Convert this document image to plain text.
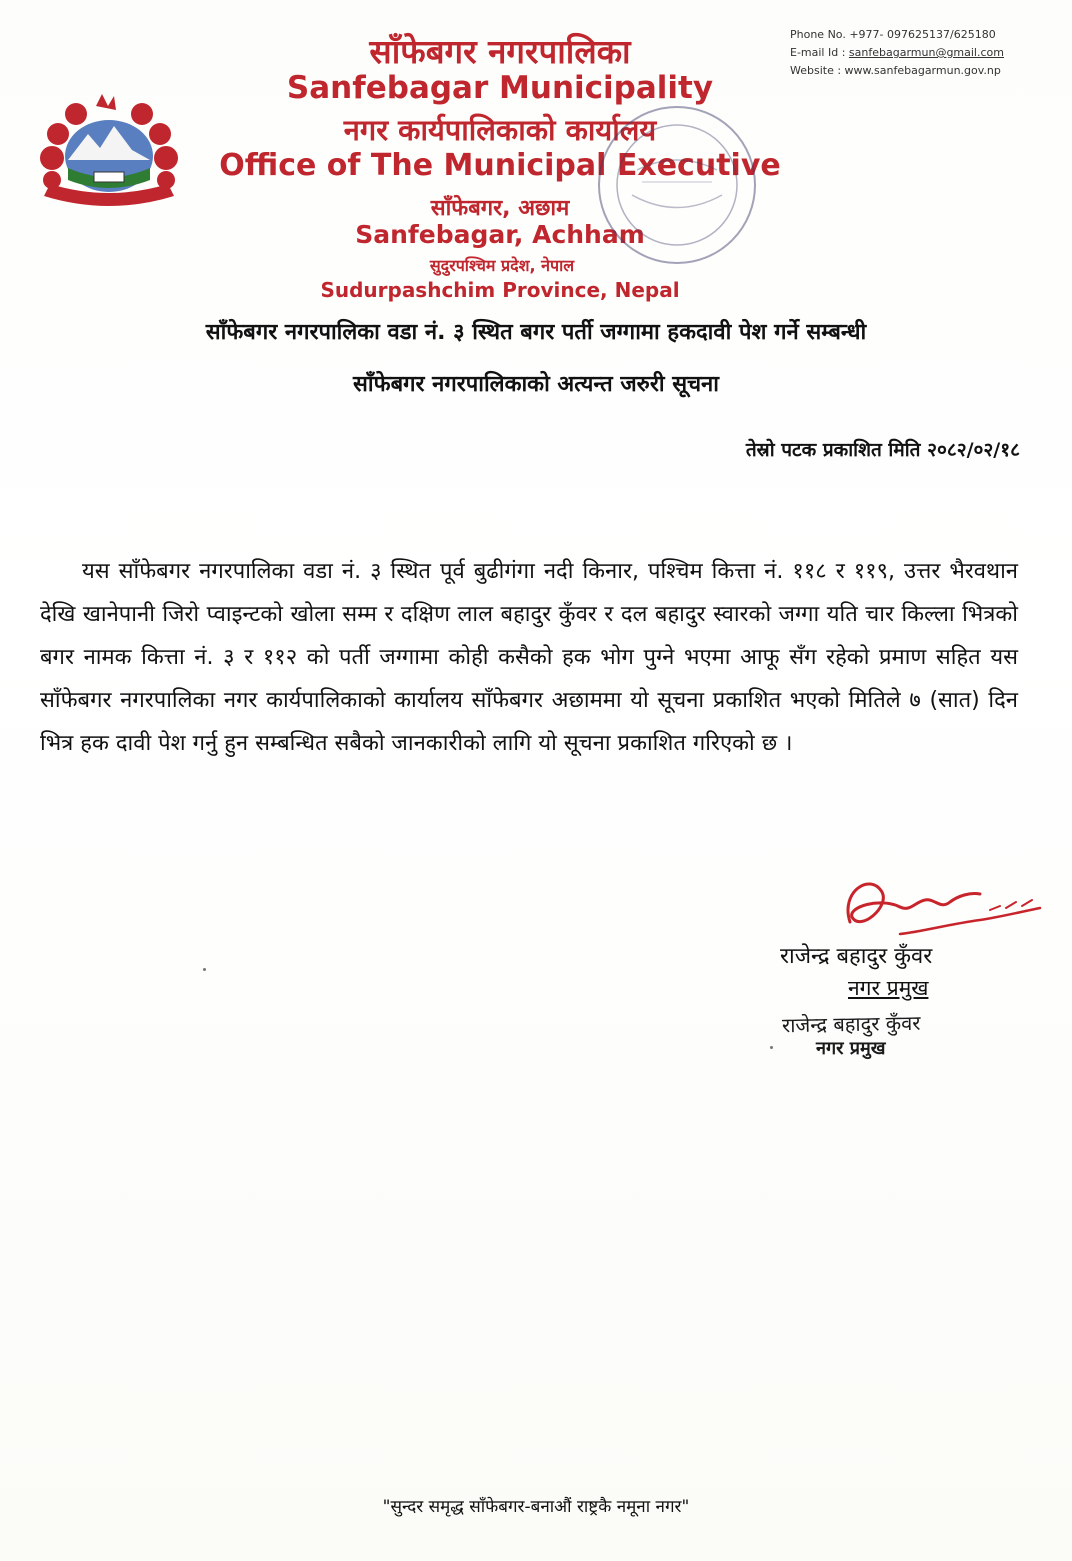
साँफेबगर नगरपालिका
Sanfebagar Municipality
नगर कार्यपालिकाको कार्यालय
Office of The Municipal Executive
साँफेबगर, अछाम
Sanfebagar, Achham
सुदुरपश्चिम प्रदेश, नेपाल
Sudurpashchim Province, Nepal
Phone No. +977- 097625137/625180
E-mail Id : sanfebagarmun@gmail.com
Website : www.sanfebagarmun.gov.np
साँफेबगर नगरपालिका वडा नं. ३ स्थित बगर पर्ती जग्गामा हकदावी पेश गर्ने सम्बन्धी
साँफेबगर नगरपालिकाको अत्यन्त जरुरी सूचना
तेस्रो पटक प्रकाशित मिति २०८२/०२/१८
यस साँफेबगर नगरपालिका वडा नं. ३ स्थित पूर्व बुढीगंगा नदी किनार, पश्चिम कित्ता नं. ११८ र ११९, उत्तर भैरवथान देखि खानेपानी जिरो प्वाइन्टको खोला सम्म र दक्षिण लाल बहादुर कुँवर र दल बहादुर स्वारको जग्गा यति चार किल्ला भित्रको बगर नामक कित्ता नं. ३ र ११२ को पर्ती जग्गामा कोही कसैको हक भोग पुग्ने भएमा आफू सँग रहेको प्रमाण सहित यस साँफेबगर नगरपालिका नगर कार्यपालिकाको कार्यालय साँफेबगर अछाममा यो सूचना प्रकाशित भएको मितिले ७ (सात) दिन भित्र हक दावी पेश गर्नु हुन सम्बन्धित सबैको जानकारीको लागि यो सूचना प्रकाशित गरिएको छ ।
राजेन्द्र बहादुर कुँवर
नगर प्रमुख
राजेन्द्र बहादुर कुँवर
नगर प्रमुख
"सुन्दर समृद्ध साँफेबगर-बनाऔं राष्ट्रकै नमूना नगर"
